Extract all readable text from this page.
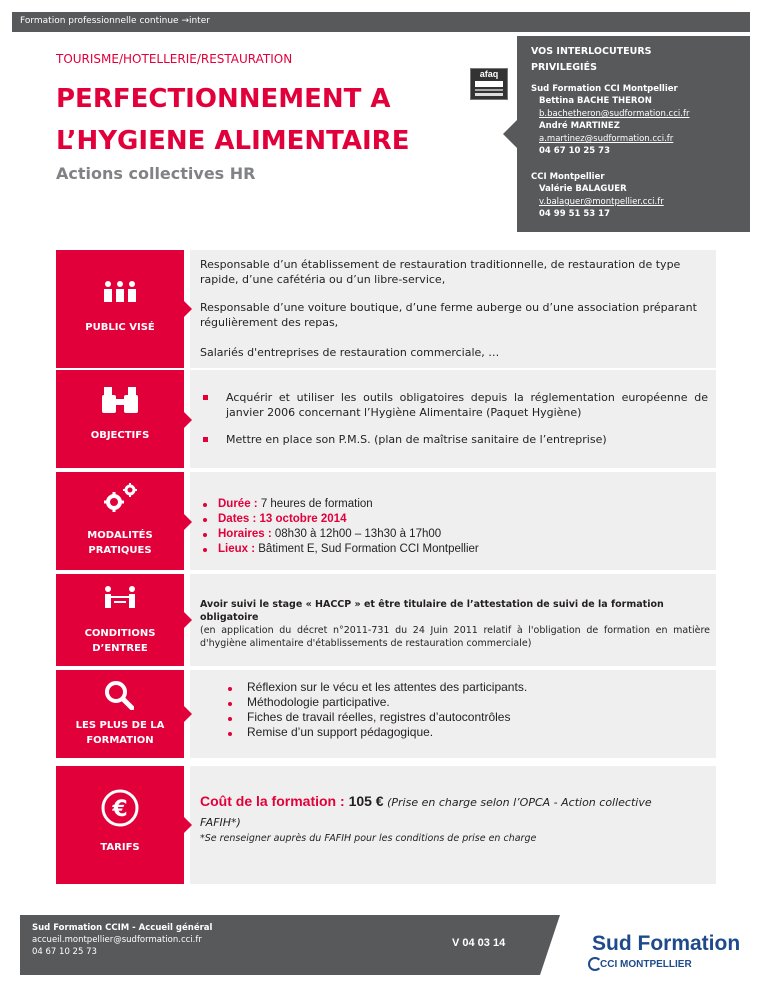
Formation professionnelle continue →inter
TOURISME/HOTELLERIE/RESTAURATION
PERFECTIONNEMENT A
L’HYGIENE ALIMENTAIRE
Actions collectives HR
afaq
VOS INTERLOCUTEURS
PRIVILEGIÉS
Sud Formation CCI Montpellier
Bettina BACHE THERON
b.bachetheron@sudformation.cci.fr
André MARTINEZ
a.martinez@sudformation.cci.fr
04 67 10 25 73
CCI Montpellier
Valérie BALAGUER
v.balaguer@montpellier.cci.fr
04 99 51 53 17
PUBLIC VISÉ
Responsable d’un établissement de restauration traditionnelle, de restauration de type rapide, d’une cafétéria ou d’un libre-service,
Responsable d’une voiture boutique, d’une ferme auberge ou d’une association préparant régulièrement des repas,
Salariés d'entreprises de restauration commerciale, …
OBJECTIFS
Acquérir et utiliser les outils obligatoires depuis la réglementation européenne de janvier 2006 concernant l’Hygiène Alimentaire (Paquet Hygiène)
Mettre en place son P.M.S. (plan de maîtrise sanitaire de l’entreprise)
MODALITÉS
PRATIQUES
Durée : 7 heures de formation
Dates : 13 octobre 2014
Horaires : 08h30 à 12h00 – 13h30 à 17h00
Lieux : Bâtiment E, Sud Formation CCI Montpellier
CONDITIONS
D’ENTREE
Avoir suivi le stage « HACCP » et être titulaire de l’attestation de suivi de la formation
obligatoire
(en application du décret n°2011-731 du 24 Juin 2011 relatif à l'obligation de formation en matière d'hygiène alimentaire d'établissements de restauration commerciale)
LES PLUS DE LA
FORMATION
Réflexion sur le vécu et les attentes des participants.
Méthodologie participative.
Fiches de travail réelles, registres d’autocontrôles
Remise d’un support pédagogique.
€
TARIFS
Coût de la formation : 105 € (Prise en charge selon l’OPCA - Action collective
FAFIH*)
*Se renseigner auprès du FAFIH pour les conditions de prise en charge
Sud Formation CCIM - Accueil général
accueil.montpellier@sudformation.cci.fr
04 67 10 25 73
V 04 03 14	Sud Formation
CCI MONTPELLIER
